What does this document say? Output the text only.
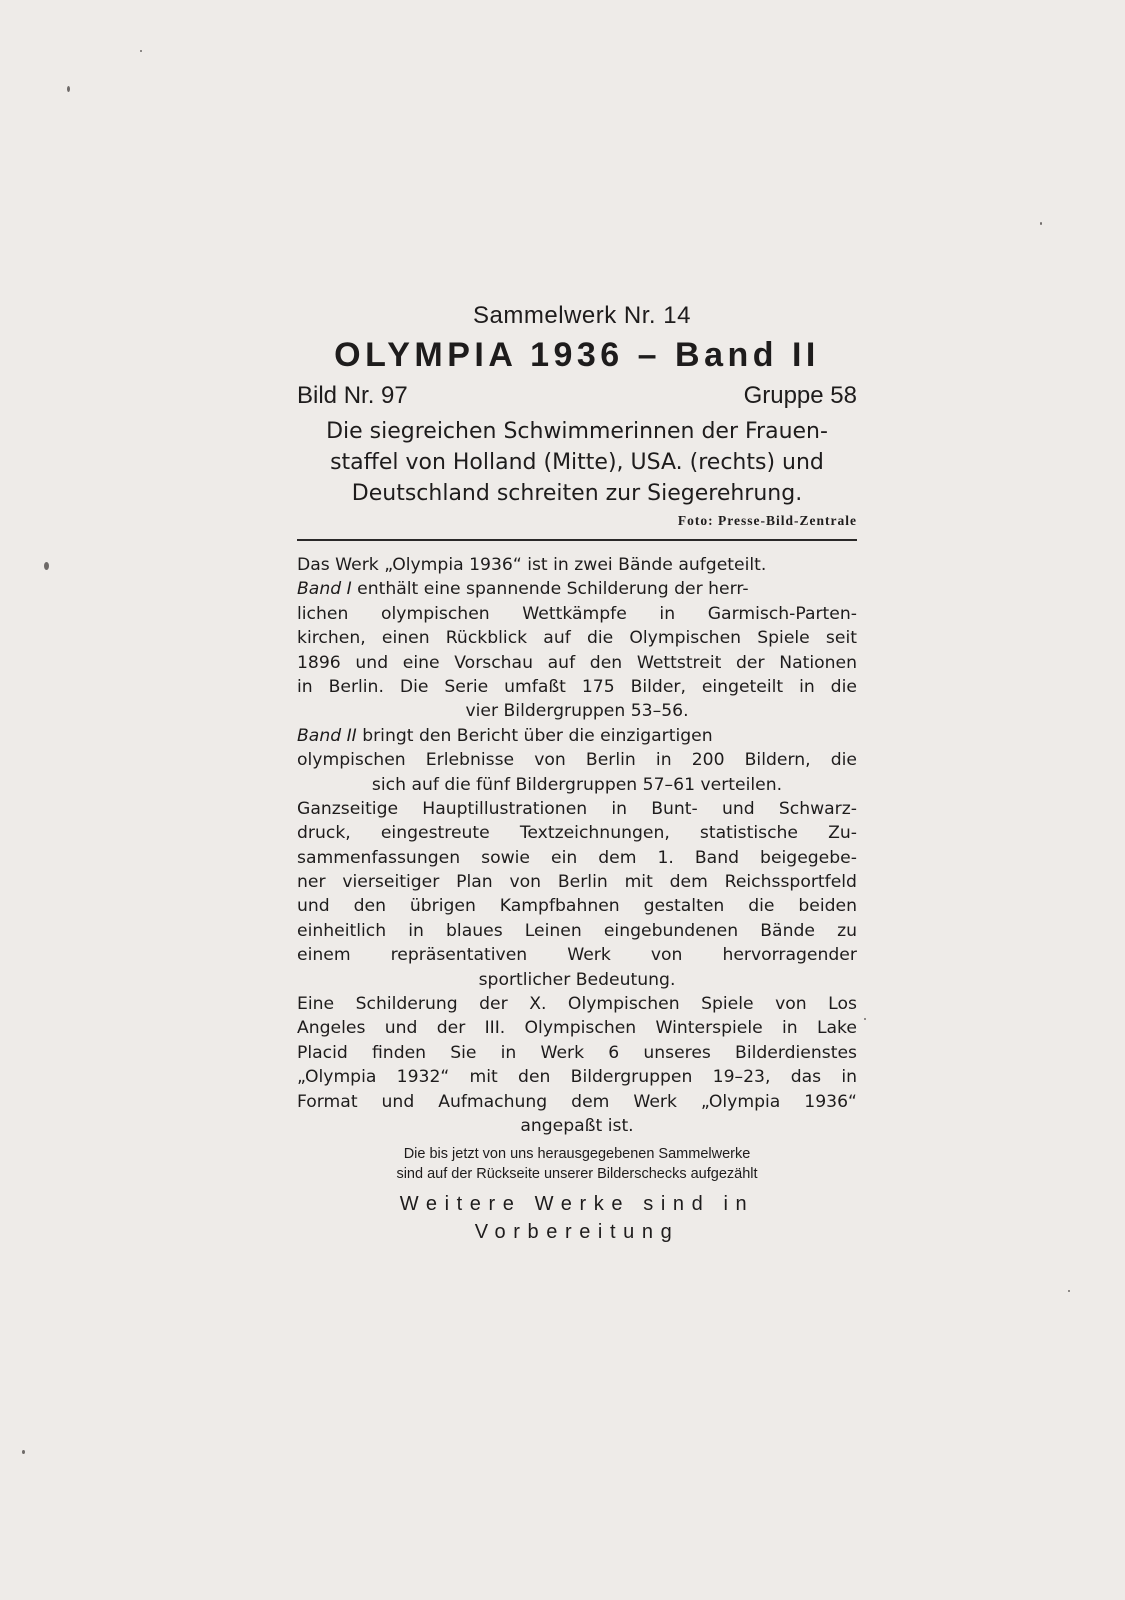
Sammelwerk Nr. 14
OLYMPIA 1936 – Band II
Bild Nr. 97	Gruppe 58
Die siegreichen Schwimmerinnen der Frauen-
staffel von Holland (Mitte), USA. (rechts) und
Deutschland schreiten zur Siegerehrung.
Foto: Presse-Bild-Zentrale
Das Werk „Olympia 1936“ ist in zwei Bände aufgeteilt.
Band I enthält eine spannende Schilderung der herr-
lichen olympischen Wettkämpfe in Garmisch-Parten-
kirchen, einen Rückblick auf die Olympischen Spiele seit
1896 und eine Vorschau auf den Wettstreit der Nationen
in Berlin. Die Serie umfaßt 175 Bilder, eingeteilt in die
vier Bildergruppen 53–56.
Band II bringt den Bericht über die einzigartigen
olympischen Erlebnisse von Berlin in 200 Bildern, die
sich auf die fünf Bildergruppen 57–61 verteilen.
Ganzseitige Hauptillustrationen in Bunt- und Schwarz-
druck, eingestreute Textzeichnungen, statistische Zu-
sammenfassungen sowie ein dem 1. Band beigegebe-
ner vierseitiger Plan von Berlin mit dem Reichssportfeld
und den übrigen Kampfbahnen gestalten die beiden
einheitlich in blaues Leinen eingebundenen Bände zu
einem repräsentativen Werk von hervorragender
sportlicher Bedeutung.
Eine Schilderung der X. Olympischen Spiele von Los
Angeles und der III. Olympischen Winterspiele in Lake
Placid finden Sie in Werk 6 unseres Bilderdienstes
„Olympia 1932“ mit den Bildergruppen 19–23, das in
Format und Aufmachung dem Werk „Olympia 1936“
angepaßt ist.
Die bis jetzt von uns herausgegebenen Sammelwerke
sind auf der Rückseite unserer Bilderschecks aufgezählt
Weitere Werke sind in Vorbereitung
